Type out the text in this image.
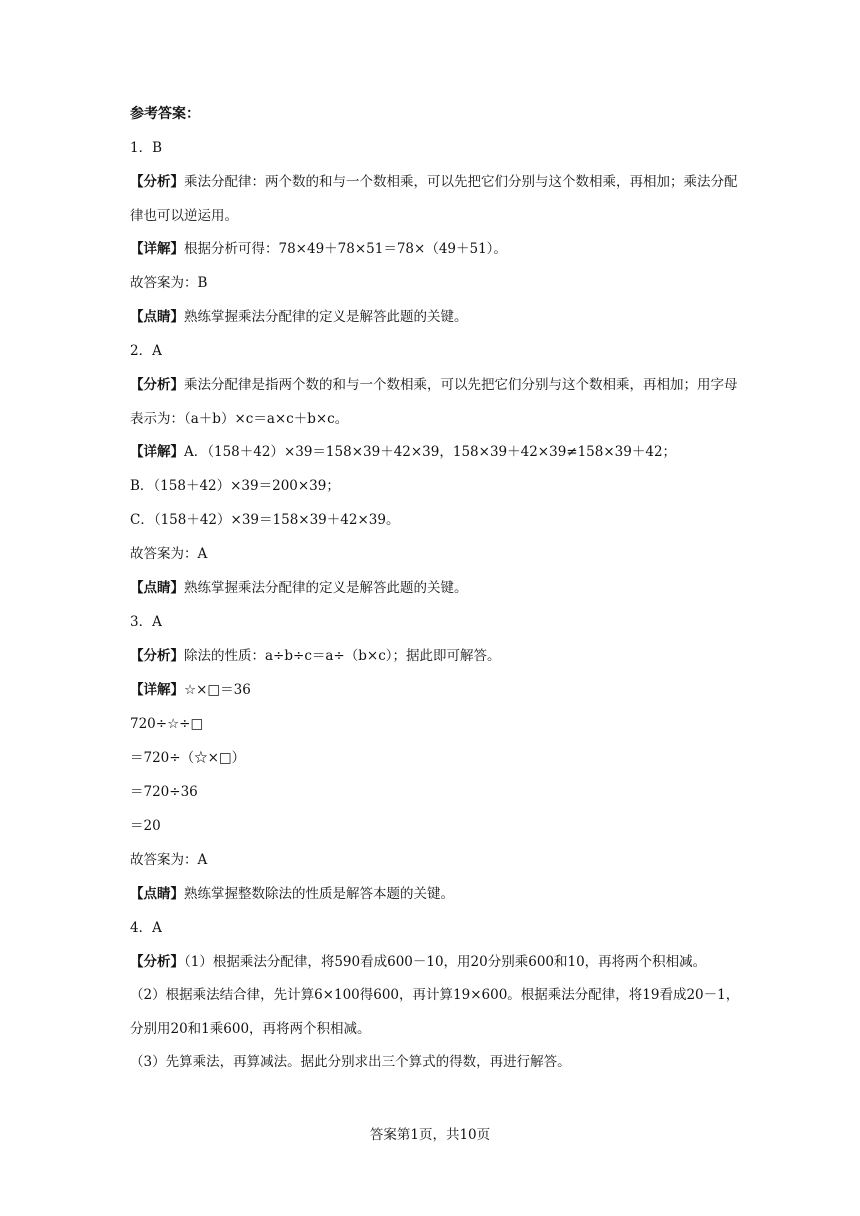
参考答案：
1．B
【分析】乘法分配律：两个数的和与一个数相乘，可以先把它们分别与这个数相乘，再相加；乘法分配律也可以逆运用。
【详解】根据分析可得：78×49＋78×51＝78×（49＋51）。
故答案为：B
【点睛】熟练掌握乘法分配律的定义是解答此题的关键。
2．A
【分析】乘法分配律是指两个数的和与一个数相乘，可以先把它们分别与这个数相乘，再相加；用字母表示为：（a＋b）×c＝a×c＋b×c。
【详解】A．（158＋42）×39＝158×39＋42×39，158×39＋42×39≠158×39＋42；
B．（158＋42）×39＝200×39；
C．（158＋42）×39＝158×39＋42×39。
故答案为：A
【点睛】熟练掌握乘法分配律的定义是解答此题的关键。
3．A
【分析】除法的性质：a÷b÷c＝a÷（b×c）；据此即可解答。
【详解】☆×□＝36
720÷☆÷□
＝720÷（☆×□）
＝720÷36
＝20
故答案为：A
【点睛】熟练掌握整数除法的性质是解答本题的关键。
4．A
【分析】（1）根据乘法分配律，将590看成600－10，用20分别乘600和10，再将两个积相减。
（2）根据乘法结合律，先计算6×100得600，再计算19×600。根据乘法分配律，将19看成20－1，分别用20和1乘600，再将两个积相减。
（3）先算乘法，再算减法。据此分别求出三个算式的得数，再进行解答。
答案第1页，共10页
